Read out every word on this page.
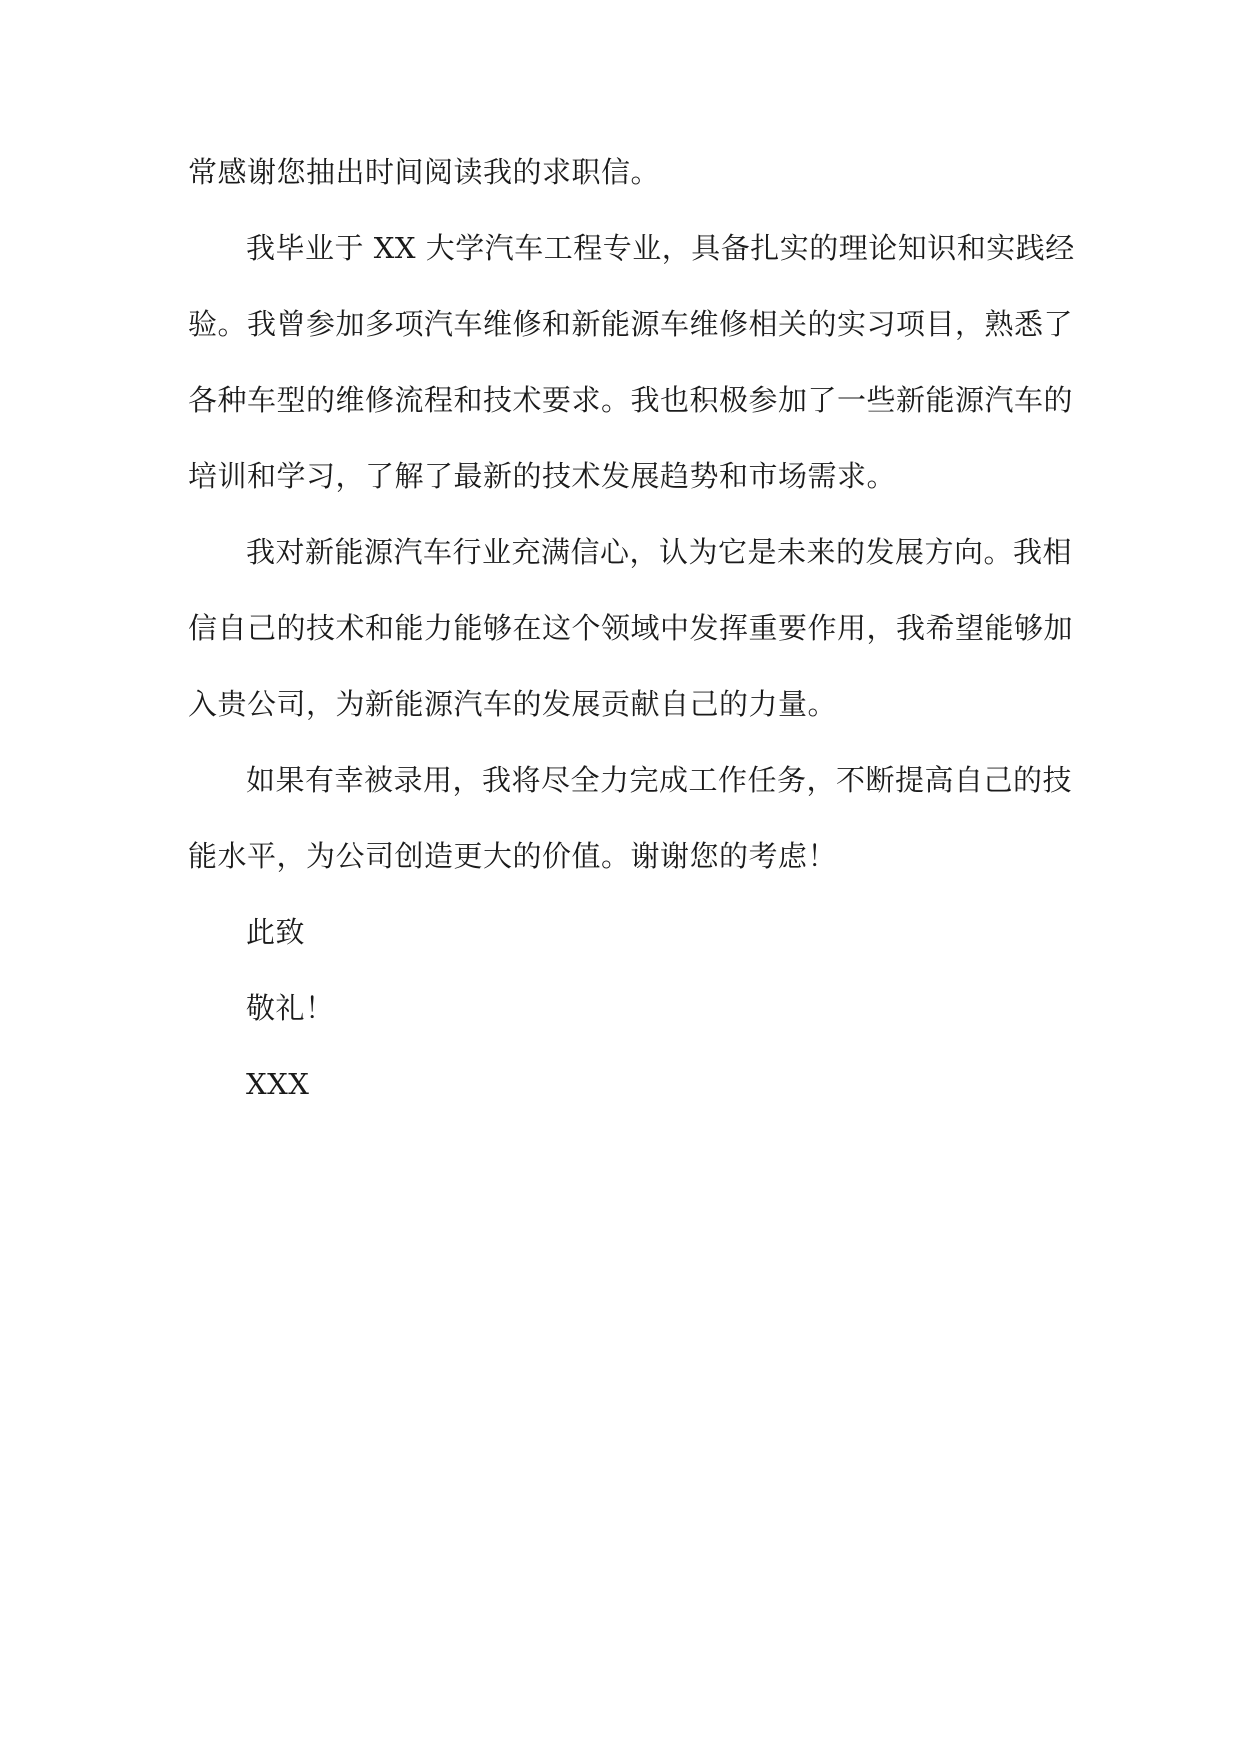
常感谢您抽出时间阅读我的求职信。
我毕业于 XX 大学汽车工程专业，具备扎实的理论知识和实践经
验。我曾参加多项汽车维修和新能源车维修相关的实习项目，熟悉了
各种车型的维修流程和技术要求。我也积极参加了一些新能源汽车的
培训和学习，了解了最新的技术发展趋势和市场需求。
我对新能源汽车行业充满信心，认为它是未来的发展方向。我相
信自己的技术和能力能够在这个领域中发挥重要作用，我希望能够加
入贵公司，为新能源汽车的发展贡献自己的力量。
如果有幸被录用，我将尽全力完成工作任务，不断提高自己的技
能水平，为公司创造更大的价值。谢谢您的考虑！
此致
敬礼！
XXX
